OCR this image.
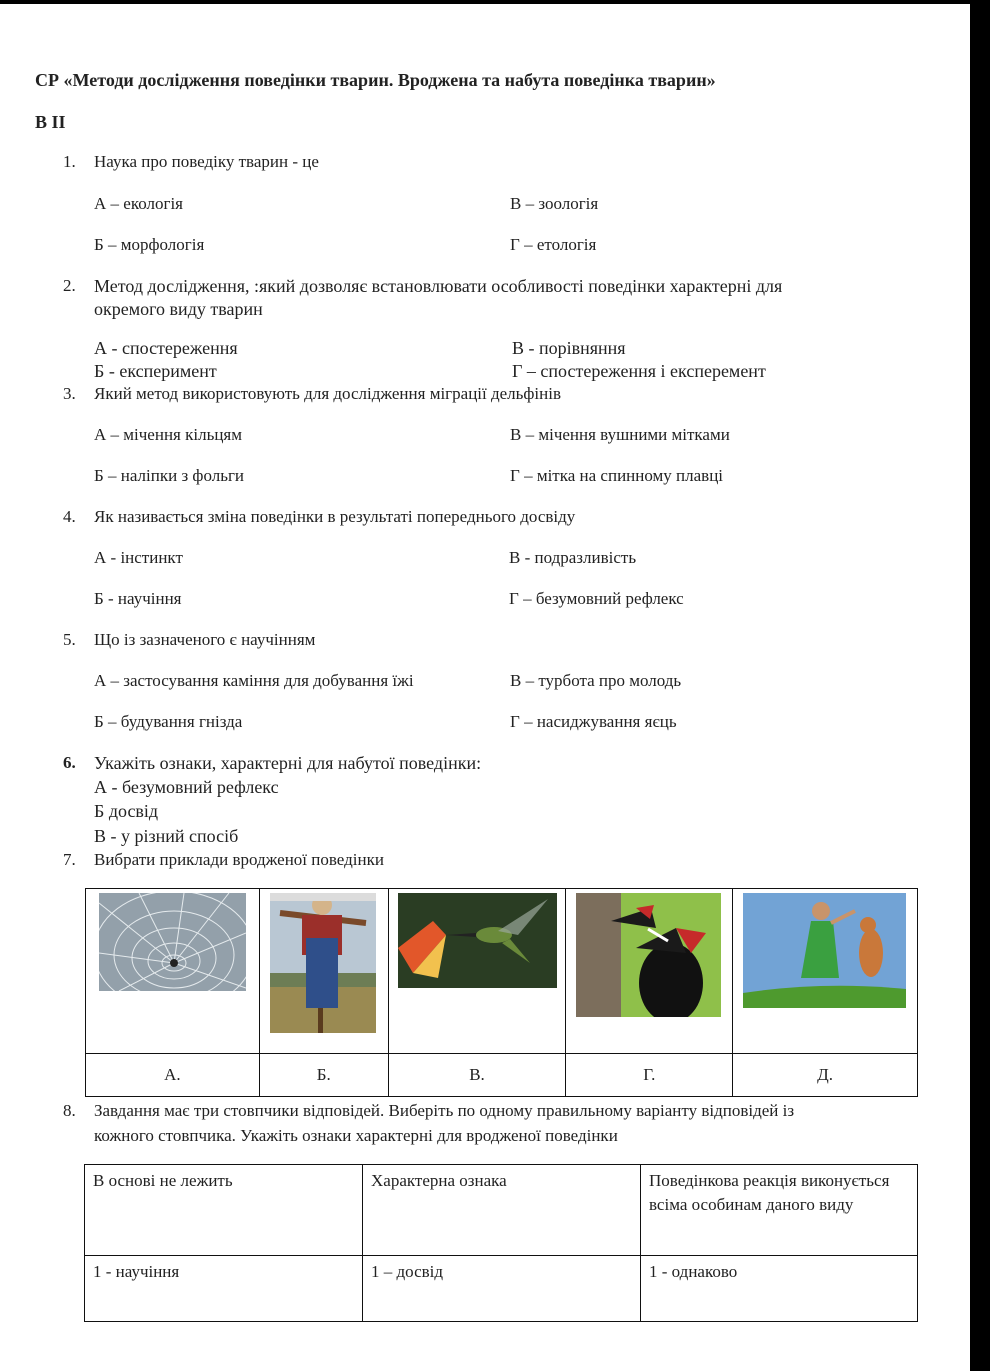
СР «Методи дослідження поведінки тварин. Вроджена та набута поведінка тварин»
В II
1. Наука про поведіку тварин - це
А – екологія	В – зоологія
Б – морфологія	Г – етологія
2. Метод дослідження, :який дозволяє встановлювати особливості поведінки характерні для
окремого виду тварин
А - спостереження	В - порівняння
Б - експеримент	Г – спостереження і експеремент
3. Який метод використовують для дослідження міграції дельфінів
А – мічення кільцям	В – мічення вушними мітками
Б – наліпки з фольги	Г – мітка на спинному плавці
4. Як називається зміна поведінки в результаті попереднього досвіду
А - інстинкт	В - подразливість
Б - научіння	Г – безумовний рефлекс
5. Що із зазначеного є научінням
А – застосування каміння для добування їжі	В – турбота про молодь
Б – будування гнізда	Г – насиджування яєць
6. Укажіть ознаки, характерні для набутої поведінки:
А - безумовний рефлекс
Б досвід
В - у різний спосіб
7. Вибрати приклади вродженої поведінки

А.	Б.	В.	Г.	Д.
8. Завдання має три стовпчики відповідей. Виберіть по одному правильному варіанту відповідей із
кожного стовпчика. Укажіть ознаки характерні для вродженої поведінки
В основі не лежить	Характерна ознака	Поведінкова реакція виконується всіма особинам даного виду
1 - научіння	1 – досвід	1 - однаково
